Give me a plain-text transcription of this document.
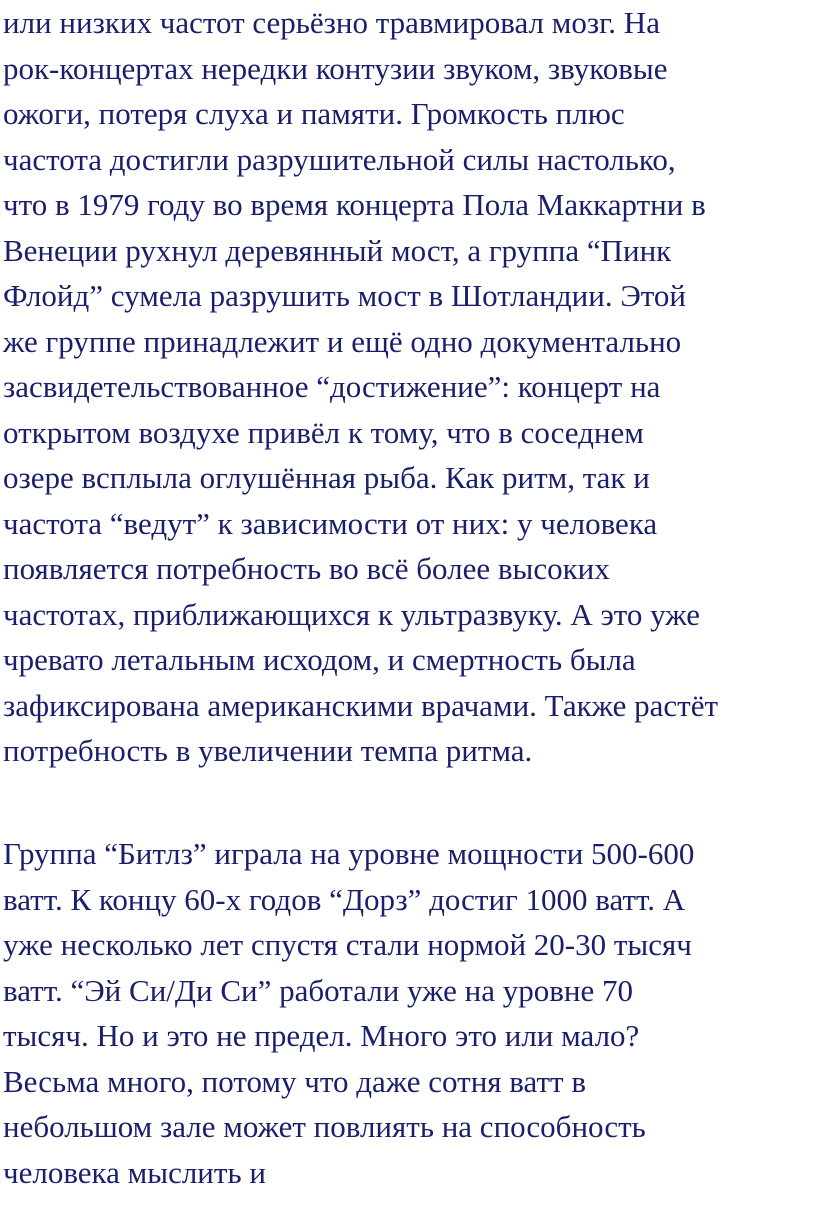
или низких частот серьёзно травмировал мозг. На
рок-концертах нередки контузии звуком, звуковые
ожоги, потеря слуха и памяти. Громкость плюс
частота достигли разрушительной силы настолько,
что в 1979 году во время концерта Пола Маккартни в
Венеции рухнул деревянный мост, а группа “Пинк
Флойд” сумела разрушить мост в Шотландии. Этой
же группе принадлежит и ещё одно документально
засвидетельствованное “достижение”: концерт на
открытом воздухе привёл к тому, что в соседнем
озере всплыла оглушённая рыба. Как ритм, так и
частота “ведут” к зависимости от них: у человека
появляется потребность во всё более высоких
частотах, приближающихся к ультразвуку. А это уже
чревато летальным исходом, и смертность была
зафиксирована американскими врачами. Также растёт
потребность в увеличении темпа ритма.
Группа “Битлз” играла на уровне мощности 500-600
ватт. К концу 60-х годов “Дорз” достиг 1000 ватт. А
уже несколько лет спустя стали нормой 20-30 тысяч
ватт. “Эй Си/Ди Си” работали уже на уровне 70
тысяч. Но и это не предел. Много это или мало?
Весьма много, потому что даже сотня ватт в
небольшом зале может повлиять на способность
человека мыслить и
